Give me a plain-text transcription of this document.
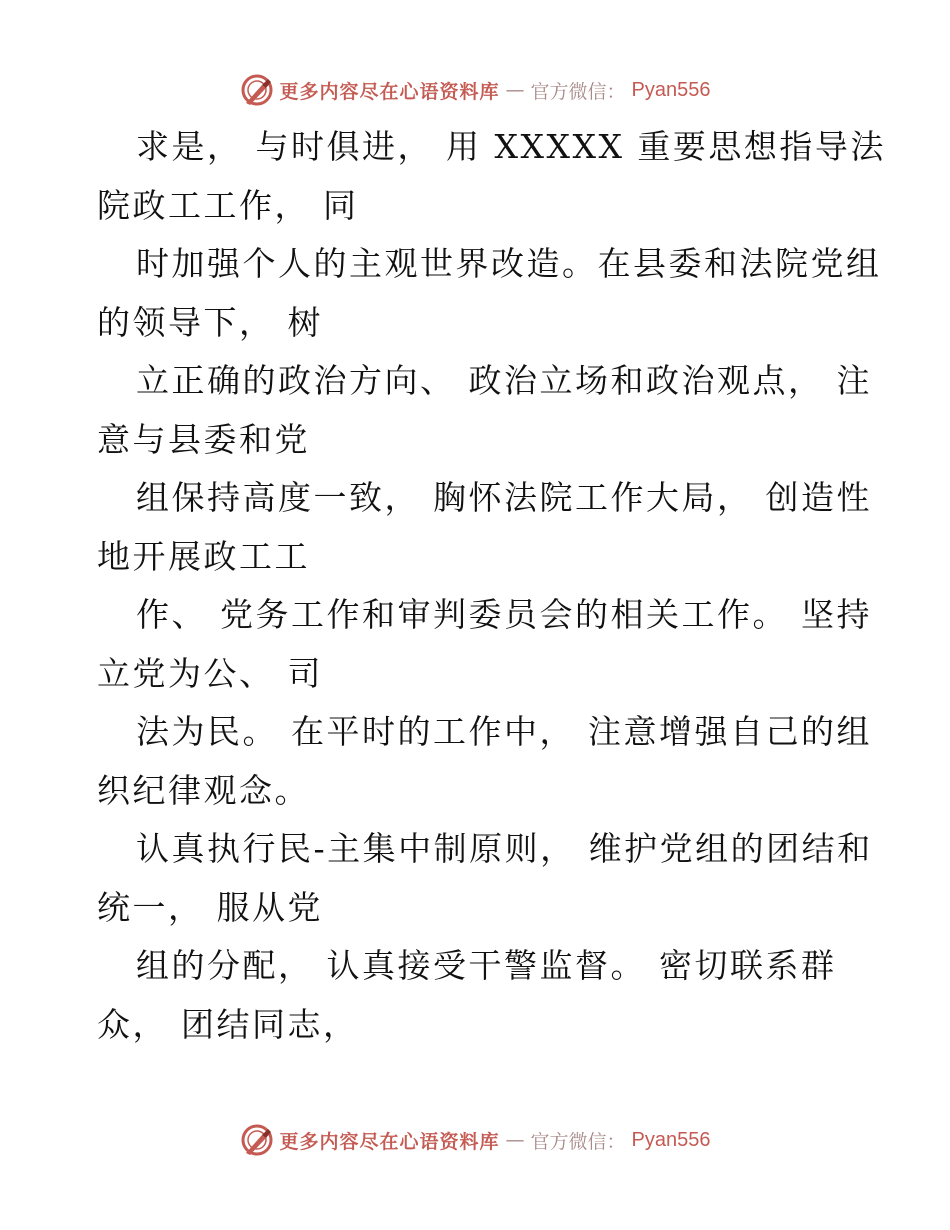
更多内容尽在心语资料库 — 官方微信： Pyan556
求是， 与时俱进， 用 XXXXX 重要思想指导法
院政工工作， 同
时加强个人的主观世界改造。在县委和法院党组
的领导下， 树
立正确的政治方向、 政治立场和政治观点， 注
意与县委和党
组保持高度一致， 胸怀法院工作大局， 创造性
地开展政工工
作、 党务工作和审判委员会的相关工作。 坚持
立党为公、 司
法为民。 在平时的工作中， 注意增强自己的组
织纪律观念。
认真执行民-主集中制原则， 维护党组的团结和
统一， 服从党
组的分配， 认真接受干警监督。 密切联系群
众， 团结同志，
更多内容尽在心语资料库 — 官方微信： Pyan556
